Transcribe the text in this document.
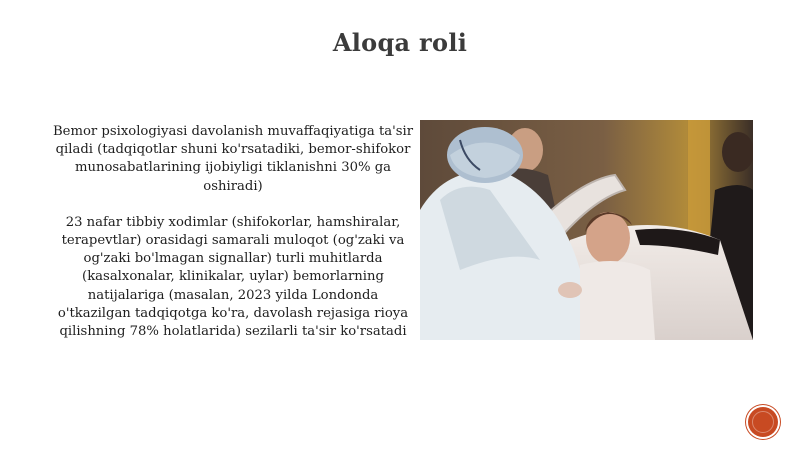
Aloqa roli

Bemor psixologiyasi davolanish muvaffaqiyatiga ta'sir qiladi (tadqiqotlar shuni ko'rsatadiki, bemor-shifokor munosabatlarining ijobiyligi tiklanishni 30% ga oshiradi)

23 nafar tibbiy xodimlar (shifokorlar, hamshiralar, terapevtlar) orasidagi samarali muloqot (og'zaki va og'zaki bo'lmagan signallar) turli muhitlarda (kasalxonalar, klinikalar, uylar) bemorlarning natijalariga (masalan, 2023 yilda Londonda o'tkazilgan tadqiqotga ko'ra, davolash rejasiga rioya qilishning 78% holatlarida) sezilarli ta'sir ko'rsatadi
